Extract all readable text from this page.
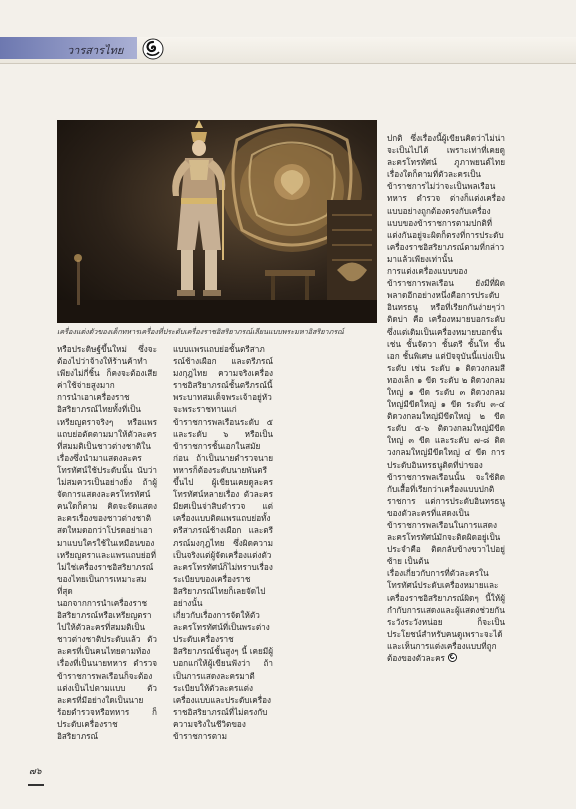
วารสารไทย
เครื่องแต่งตัวของเด็กทหารเครื่องที่ประดับเครื่องราชอิสริยาภรณ์เลียนแบบพระมหาอิสริยาภรณ์
หรือประดิษฐ์ขึ้นใหม่ ซึ่งจะต้องไปว่าจ้างให้ร้านค้าทำเพียงไม่กี่ชิ้น ก็คงจะต้องเสียค่าใช้จ่ายสูงมาก
การนำเอาเครื่องราชอิสริยาภรณ์ไทยทั้งที่เป็นเหรียญตราจริงๆ หรือแพรแถบย่อตัดตามมาให้ตัวละครที่สมมติเป็นชาวต่างชาติในเรื่องซึ่งนำมาแสดงละครโทรทัศน์ใช้ประดับนั้น นับว่าไม่สมควรเป็นอย่างยิ่ง ถ้าผู้จัดการแสดงละครโทรทัศน์คนใดก็ตาม คิดจะจัดแสดงละครเรื่องของชาวต่างชาติสดใหมดอกว่าโปรดอย่าเอามาแบบใครใช้ในเหมือนของเหรียญตราและแพรแถบย่อที่ไม่ใช่เครื่องราชอิสริยาภรณ์ของไทยเป็นการเหมาะสมที่สุด
นอกจากการนำเครื่องราชอิสริยาภรณ์หรือเหรียญตรา ไปให้ตัวละครที่สมมติเป็นชาวต่างชาติประดับแล้ว ตัวละครที่เป็นคนไทยตามท้องเรื่องที่เป็นนายทหาร ตำรวจ ข้าราชการพลเรือนก็จะต้องแต่งเป็นไปตามแบบ ตัวละครที่มีอย่างใดเป็นนายร้อยตำรวจหรือทหาร ก็ประดับเครื่องราชอิสริยาภรณ์
แบบแพรแถบย่อชั้นตรีสาภรณ์ช้างเผือก และตรีภรณ์มงกุฎไทย ความจริงเครื่องราชอิสริยาภรณ์ชั้นตรีภรณ์นี้ พระบาทสมเด็จพระเจ้าอยู่หัวจะพระราชทานแก่ข้าราชการพลเรือนระดับ ๕ และระดับ ๖ หรือเป็นข้าราชการชั้นเอกในสมัยก่อน ถ้าเป็นนายตำรวจนายทหารก็ต้องระดับนายพันตรีขึ้นไป ผู้เขียนเคยดูละครโทรทัศน์หลายเรื่อง ตัวละครมียศเป็นจ่าสิบตำรวจ แต่เครื่องแบบติดแพรแถบย่อทั้งตรีสาภรณ์ช้างเผือก และตรีภรณ์มงกุฎไทย ซึ่งผิดความเป็นจริงแต่ผู้จัดเครื่องแต่งตัวละครโทรทัศน์ก็ไม่ทราบเรื่องระเบียบของเครื่องราชอิสริยาภรณ์ไทยก็เลยจัดไปอย่างนั้น
เกี่ยวกับเรื่องการจัดให้ตัวละครโทรทัศน์ที่เป็นพระต่างประดับเครื่องราชอิสริยาภรณ์ชั้นสูงๆ นี้ เคยมีผู้บอกแก่ให้ผู้เขียนฟังว่า ถ้าเป็นการแสดงละครมาตี ระเบียบให้ตัวละครแต่งเครื่องแบบและประดับเครื่องราชอิสริยาภรณ์ที่ไม่ตรงกับความจริงในชีวิตของข้าราชการตาม
ปกติ ซึ่งเรื่องนี้ผู้เขียนคิดว่าไม่น่าจะเป็นไปได้ เพราะเท่าที่เคยดูละครโทรทัศน์ ภูภาพยนต์ไทย เรื่องใดก็ตามที่ตัวละครเป็นข้าราชการไม่ว่าจะเป็นพลเรือน ทหาร ตำรวจ ต่างก็แต่งเครื่องแบบอย่างถูกต้องตรงกับเครื่องแบบของข้าราชการตามปกติที่แต่งกันอยู่จะผิดก็ตรงที่การประดับเครื่องราชอิสริยาภรณ์ตามที่กล่าวมาแล้วเพียงเท่านั้น
การแต่งเครื่องแบบของข้าราชการพลเรือน ยังมีที่ผิดพลาดอีกอย่างหนึ่งคือการประดับอินทรธนู หรือที่เรียกกันง่ายๆว่าติดบ่า คือ เครื่องหมายบอกระดับ ซึ่งแต่เดิมเป็นเครื่องหมายบอกชั้น เช่น ชั้นจัตวา ชั้นตรี ชั้นโท ชั้นเอก ชั้นพิเศษ แต่ปัจจุบันนี้แบ่งเป็นระดับ เช่น ระดับ ๑ ติดวงกลมสีทองเล็ก ๑ ขีด ระดับ ๒ ติดวงกลมใหญ่ ๑ ขีด ระดับ ๓ ติดวงกลมใหญ่มีขีดใหญ่ ๑ ขีด ระดับ ๓-๔ ติดวงกลมใหญ่มีขีดใหญ่ ๒ ขีด ระดับ ๕-๖ ติดวงกลมใหญ่มีขีดใหญ่ ๓ ขีด และระดับ ๗-๘ ติดวงกลมใหญ่มีขีดใหญ่ ๔ ขีด การประดับอินทรธนูติดที่บ่าของข้าราชการพลเรือนนั้น จะใช้ติดกับเสื้อที่เรียกว่าเครื่องแบบปกติ ราชการ แต่การประดับอินทรธนูของตัวละครที่แสดงเป็นข้าราชการพลเรือนในการแสดงละครโทรทัศน์มักจะติดผิดอยู่เป็นประจำคือ ติดกลับข้างขวาไปอยู่ซ้าย เป็นต้น
เรื่องเกี่ยวกับการที่ตัวละครในโทรทัศน์ประดับเครื่องหมายและเครื่องราชอิสริยาภรณ์ผิดๆ นี้ให้ผู้กำกับการแสดงและผู้แสดงช่วยกันระวังระวังหน่อย ก็จะเป็นประโยชน์สำหรับคนดูเพราะจะได้และเห็นการแต่งเครื่องแบบที่ถูกต้องของตัวละคร
๗๖
